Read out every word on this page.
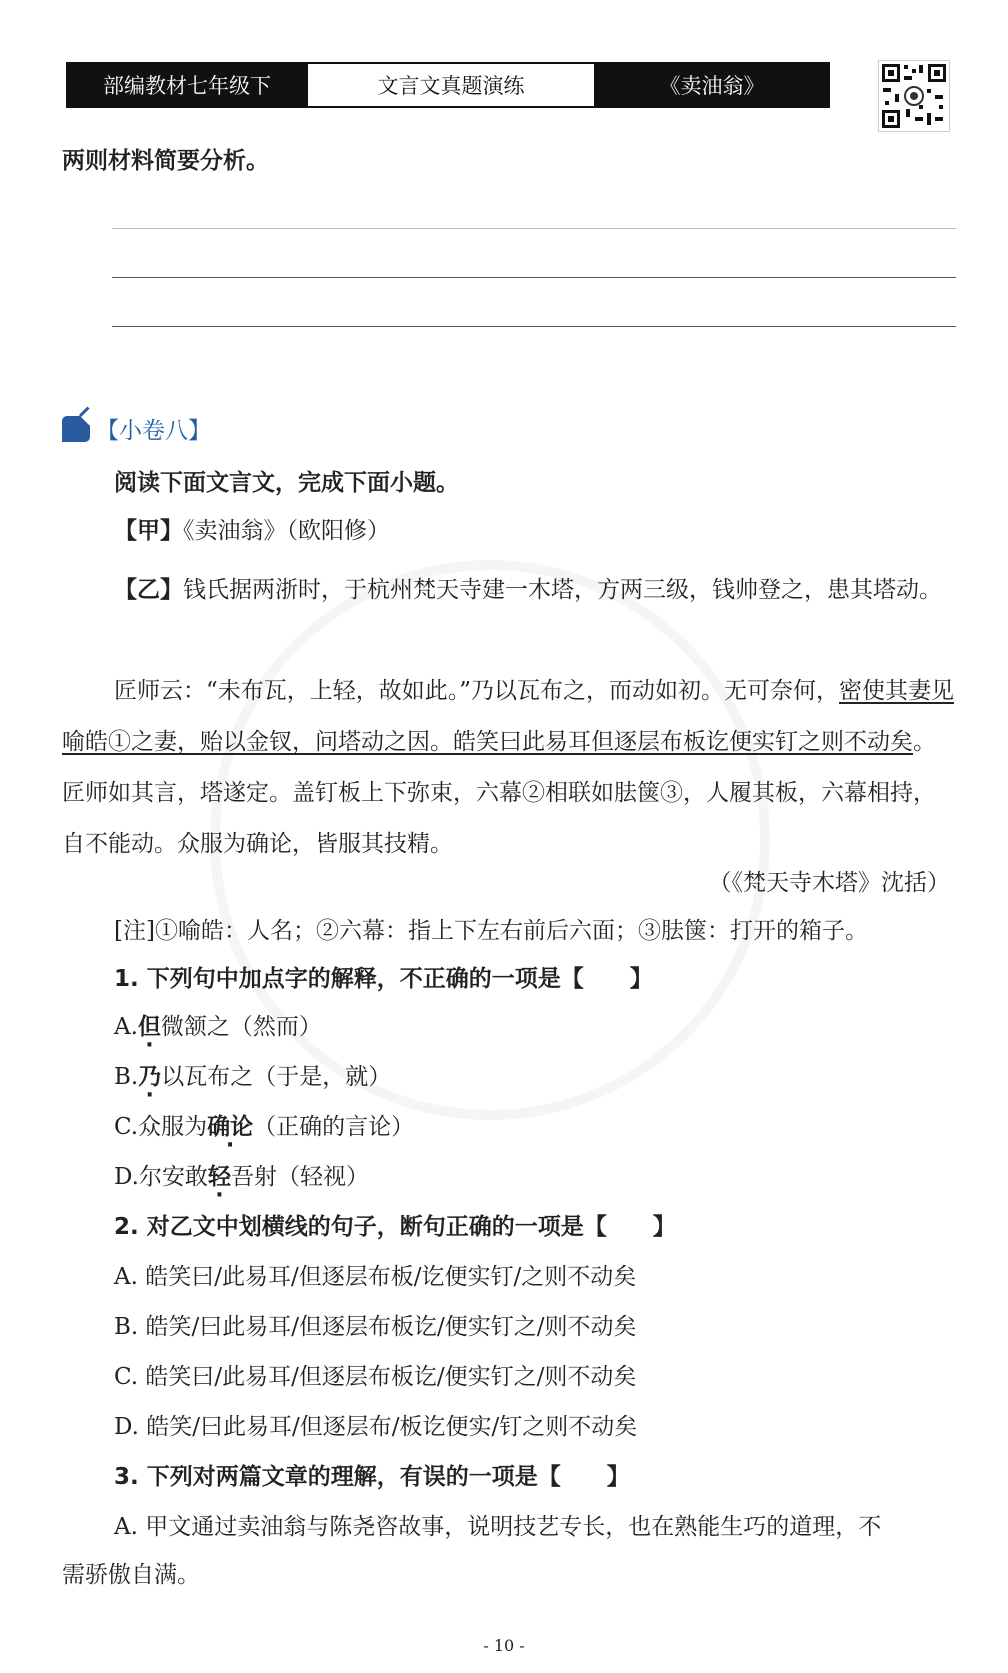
部编教材七年级下	文言文真题演练	《卖油翁》
两则材料简要分析。
【小卷八】
阅读下面文言文，完成下面小题。
【甲】《卖油翁》（欧阳修）
【乙】钱氏据两浙时，于杭州梵天寺建一木塔，方两三级，钱帅登之，患其塔动。
匠师云：“未布瓦，上轻，故如此。”乃以瓦布之，而动如初。无可奈何，密使其妻见喻皓①之妻，贻以金钗，问塔动之因。皓笑曰此易耳但逐层布板讫便实钉之则不动矣。匠师如其言，塔遂定。盖钉板上下弥束，六幕②相联如胠箧③，人履其板，六幕相持，自不能动。众服为确论，皆服其技精。
（《梵天寺木塔》沈括）
[注]①喻皓：人名；②六幕：指上下左右前后六面；③胠箧：打开的箱子。
1. 下列句中加点字的解释，不正确的一项是【　　】
A.但微颔之（然而）
B.乃以瓦布之（于是，就）
C.众服为确论（正确的言论）
D.尔安敢轻吾射（轻视）
2. 对乙文中划横线的句子，断句正确的一项是【　　】
A. 皓笑曰/此易耳/但逐层布板/讫便实钉/之则不动矣
B. 皓笑/曰此易耳/但逐层布板讫/便实钉之/则不动矣
C. 皓笑曰/此易耳/但逐层布板讫/便实钉之/则不动矣
D. 皓笑/曰此易耳/但逐层布/板讫便实/钉之则不动矣
3. 下列对两篇文章的理解，有误的一项是【　　】
A. 甲文通过卖油翁与陈尧咨故事，说明技艺专长，也在熟能生巧的道理，不
需骄傲自满。
- 10 -
